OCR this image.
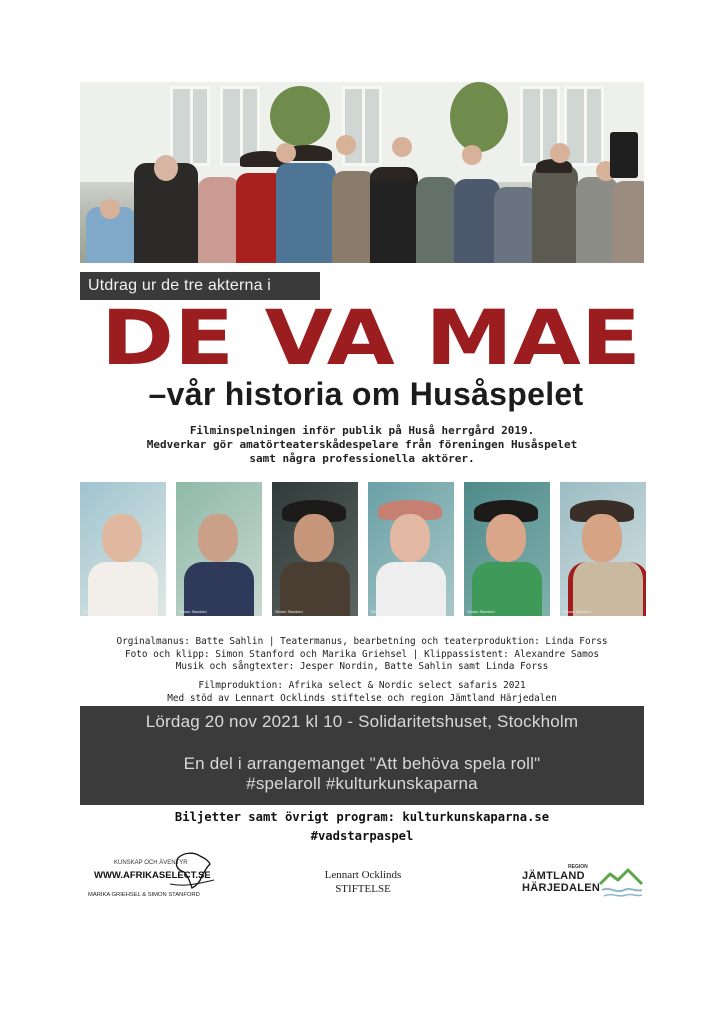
Utdrag ur de tre akterna i
DE VA MAE
–vår historia om Husåspelet
Filminspelningen inför publik på Huså herrgård 2019.
Medverkar gör amatörteaterskådespelare från föreningen Husåspelet
samt några professionella aktörer.
Simon Stanford	Simon Stanford	Simon Stanford	Simon Stanford	Simon Stanford	Simon Stanford
Orginalmanus: Batte Sahlin | Teatermanus, bearbetning och teaterproduktion: Linda Forss
Foto och klipp: Simon Stanford och Marika Griehsel | Klippassistent: Alexandre Samos
Musik och sångtexter: Jesper Nordin, Batte Sahlin samt Linda Forss
Filmproduktion: Afrika select & Nordic select safaris 2021
Med stöd av Lennart Ocklinds stiftelse och region Jämtland Härjedalen
Lördag 20 nov 2021 kl 10 - Solidaritetshuset, Stockholm
En del i arrangemanget "Att behöva spela roll"
#spelaroll #kulturkunskaparna
Biljetter samt övrigt program: kulturkunskaparna.se
#vadstarpaspel
KUNSKAP OCH ÄVENTYR
WWW.AFRIKASELECT.SE
MARIKA GRIEHSEL & SIMON STANFORD
Lennart Ocklinds
STIFTELSE
REGION
JÄMTLAND
HÄRJEDALEN
